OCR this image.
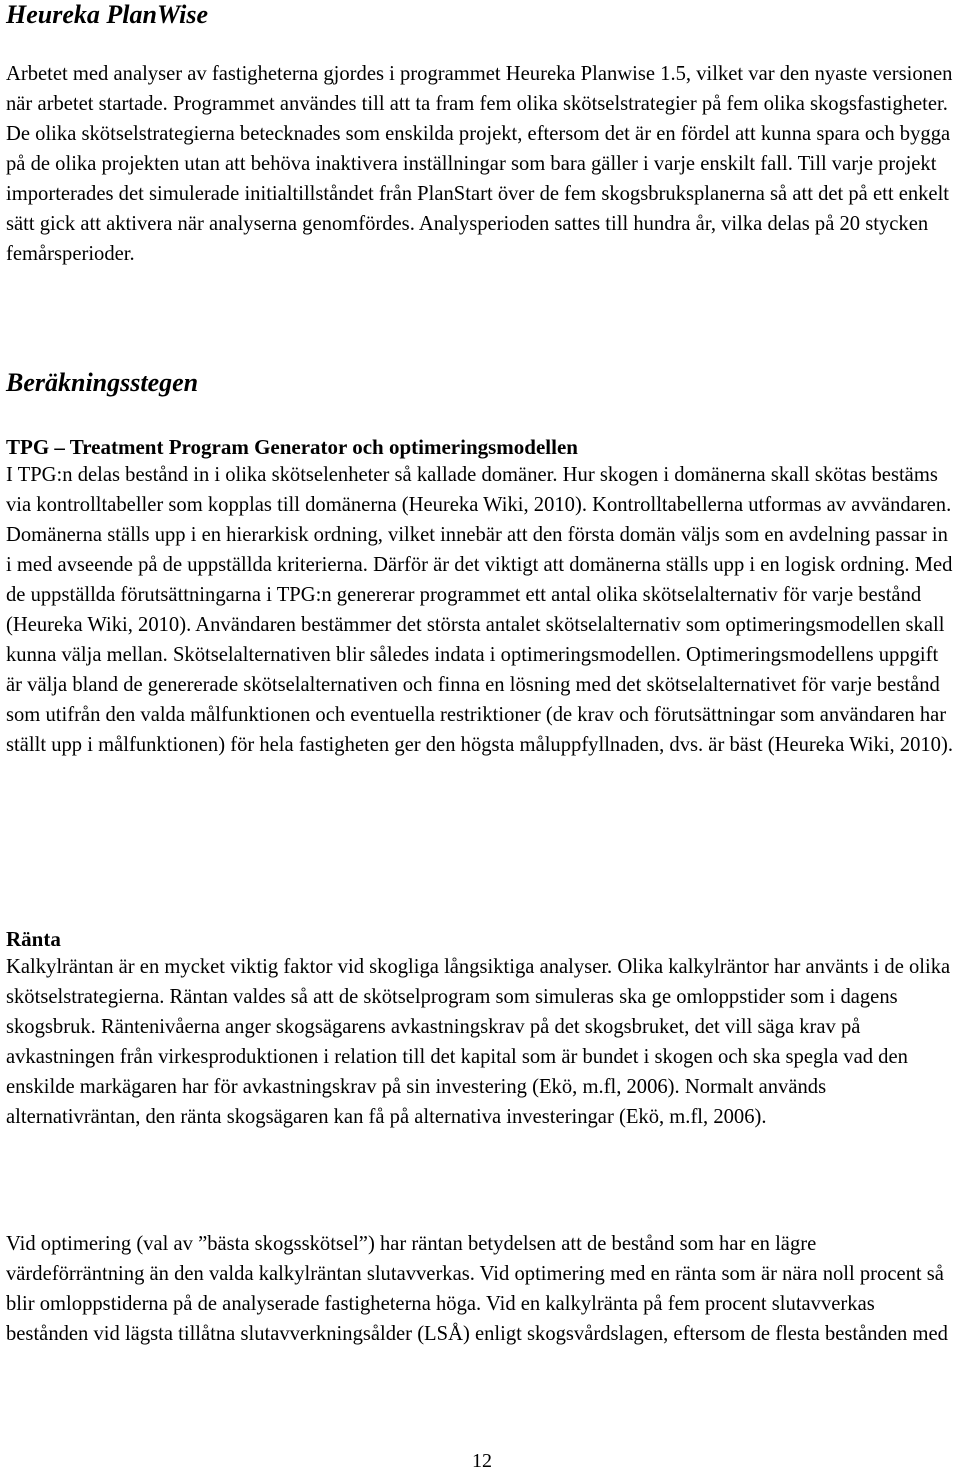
Heureka PlanWise

Arbetet med analyser av fastigheterna gjordes i programmet Heureka Planwise 1.5, vilket var den nyaste versionen när arbetet startade. Programmet användes till att ta fram fem olika skötselstrategier på fem olika skogsfastigheter. De olika skötselstrategierna betecknades som enskilda projekt, eftersom det är en fördel att kunna spara och bygga på de olika projekten utan att behöva inaktivera inställningar som bara gäller i varje enskilt fall. Till varje projekt importerades det simulerade initialtillståndet från PlanStart över de fem skogsbruksplanerna så att det på ett enkelt sätt gick att aktivera när analyserna genomfördes. Analysperioden sattes till hundra år, vilka delas på 20 stycken femårsperioder.

Beräkningsstegen
TPG – Treatment Program Generator och optimeringsmodellen

I TPG:n delas bestånd in i olika skötselenheter så kallade domäner. Hur skogen i domänerna skall skötas bestäms via kontrolltabeller som kopplas till domänerna (Heureka Wiki, 2010). Kontrolltabellerna utformas av avvändaren. Domänerna ställs upp i en hierarkisk ordning, vilket innebär att den första domän väljs som en avdelning passar in i med avseende på de uppställda kriterierna. Därför är det viktigt att domänerna ställs upp i en logisk ordning. Med de uppställda förutsättningarna i TPG:n genererar programmet ett antal olika skötselalternativ för varje bestånd (Heureka Wiki, 2010). Användaren bestämmer det största antalet skötselalternativ som optimeringsmodellen skall kunna välja mellan. Skötselalternativen blir således indata i optimeringsmodellen. Optimeringsmodellens uppgift är välja bland de genererade skötselalternativen och finna en lösning med det skötselalternativet för varje bestånd som utifrån den valda målfunktionen och eventuella restriktioner (de krav och förutsättningar som användaren har ställt upp i målfunktionen) för hela fastigheten ger den högsta måluppfyllnaden, dvs. är bäst (Heureka Wiki, 2010).

Ränta

Kalkylräntan är en mycket viktig faktor vid skogliga långsiktiga analyser. Olika kalkylräntor har använts i de olika skötselstrategierna. Räntan valdes så att de skötselprogram som simuleras ska ge omloppstider som i dagens skogsbruk. Räntenivåerna anger skogsägarens avkastningskrav på det skogsbruket, det vill säga krav på avkastningen från virkesproduktionen i relation till det kapital som är bundet i skogen och ska spegla vad den enskilde markägaren har för avkastningskrav på sin investering (Ekö, m.fl, 2006). Normalt används alternativräntan, den ränta skogsägaren kan få på alternativa investeringar (Ekö, m.fl, 2006).

Vid optimering (val av ”bästa skogsskötsel”) har räntan betydelsen att de bestånd som har en lägre värdeförräntning än den valda kalkylräntan slutavverkas. Vid optimering med en ränta som är nära noll procent så blir omloppstiderna på de analyserade fastigheterna höga. Vid en kalkylränta på fem procent slutavverkas bestånden vid lägsta tillåtna slutavverkningsålder (LSÅ) enligt skogsvårdslagen, eftersom de flesta bestånden med

12
